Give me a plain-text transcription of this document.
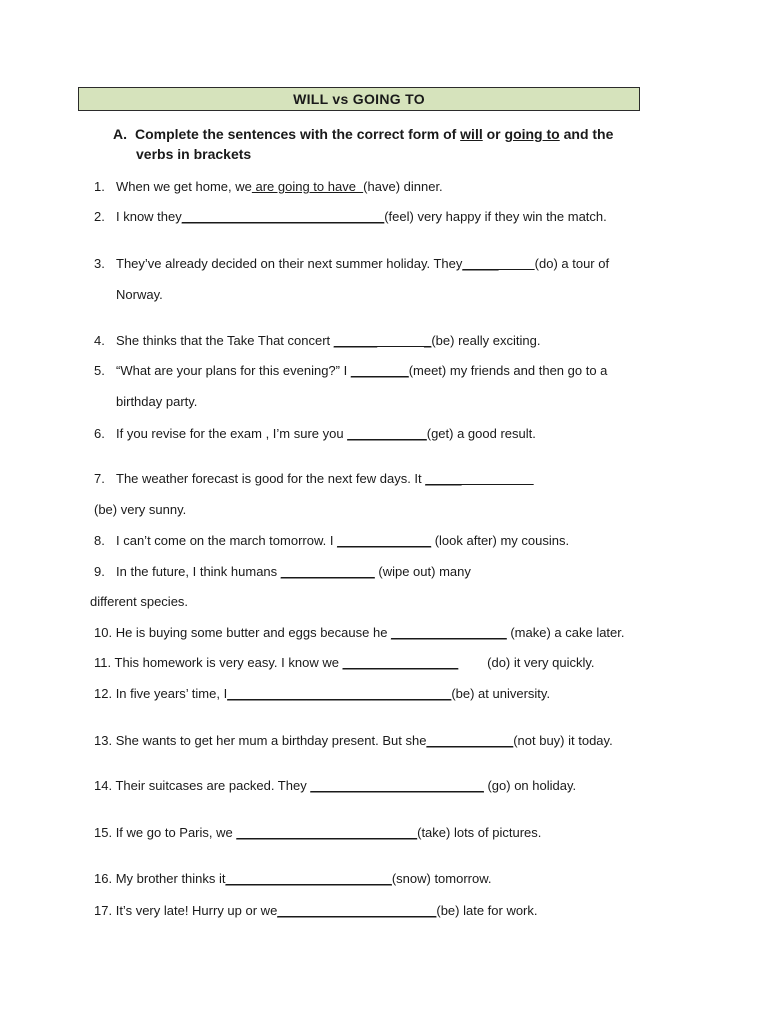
WILL vs GOING TO
A. Complete the sentences with the correct form of will or going to and the
verbs in brackets
1. When we get home, we are going to have  (have) dinner.
2. I know they____________________________(feel) very happy if they win the match.
3. They’ve already decided on their next summer holiday. They_____          (do) a tour of
Norway.
4. She thinks that the Take That concert ______             _(be) really exciting.
5. “What are your plans for this evening?” I ________(meet) my friends and then go to a
birthday party.
6. If you revise for the exam , I’m sure you ___________(get) a good result.
7. The weather forecast is good for the next few days. It _____
(be) very sunny.
8. I can’t come on the march tomorrow. I _____________ (look after) my cousins.
9. In the future, I think humans _____________ (wipe out) many
different species.
10. He is buying some butter and eggs because he ________________ (make) a cake later.
11. This homework is very easy. I know we ________________        (do) it very quickly.
12. In five years’ time, I_______________________________(be) at university.
13. She wants to get her mum a birthday present. But she____________(not buy) it today.
14. Their suitcases are packed. They ________________________ (go) on holiday.
15. If we go to Paris, we _________________________(take) lots of pictures.
16. My brother thinks it_______________________(snow) tomorrow.
17. It’s very late! Hurry up or we______________________(be) late for work.
